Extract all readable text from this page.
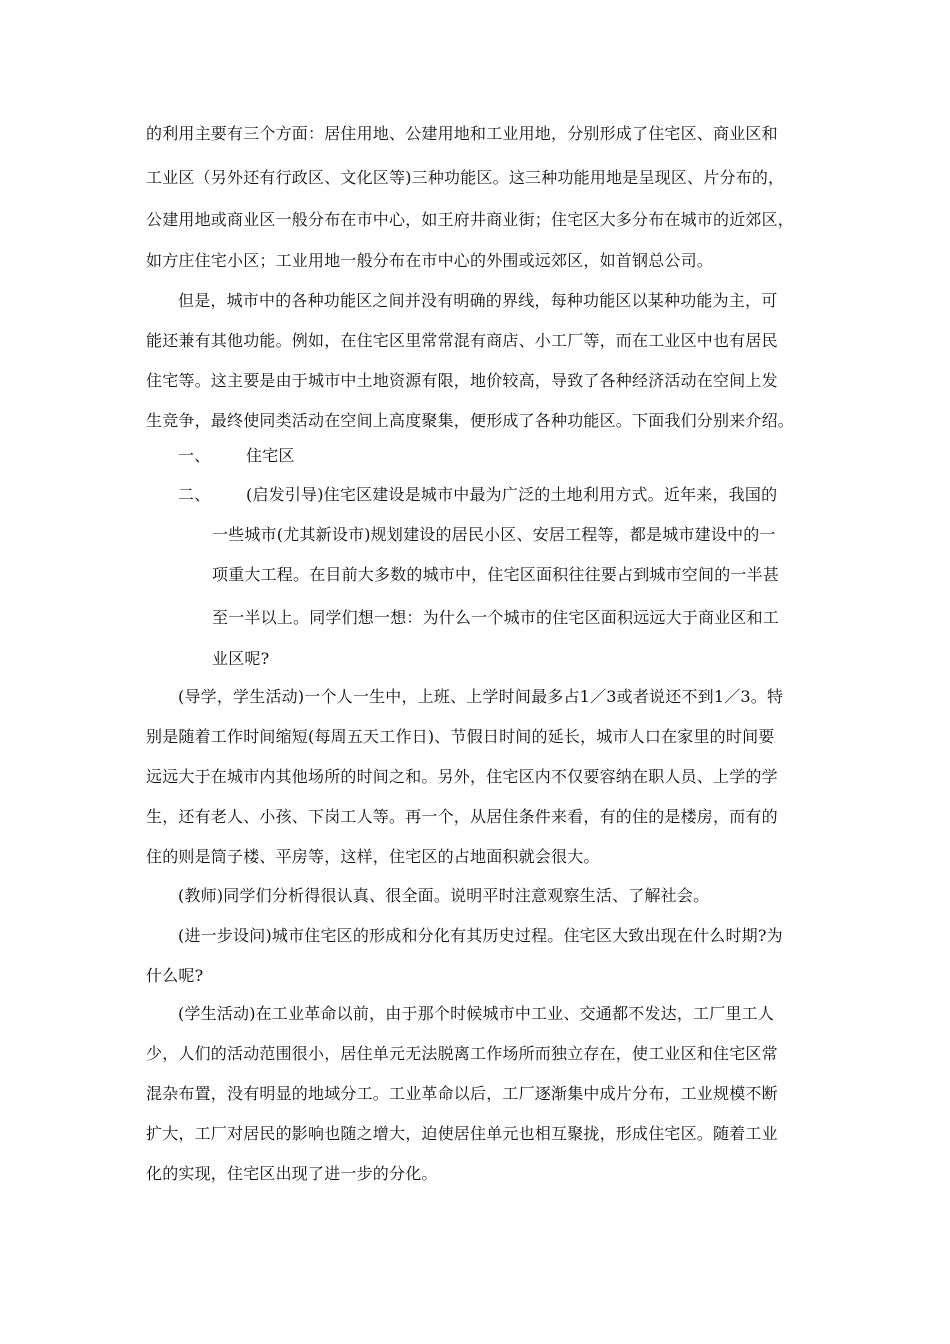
的利用主要有三个方面：居住用地、公建用地和工业用地，分别形成了住宅区、商业区和
工业区（另外还有行政区、文化区等)三种功能区。这三种功能用地是呈现区、片分布的，
公建用地或商业区一般分布在市中心，如王府井商业街；住宅区大多分布在城市的近郊区，
如方庄住宅小区；工业用地一般分布在市中心的外围或远郊区，如首钢总公司。
但是，城市中的各种功能区之间并没有明确的界线，每种功能区以某种功能为主，可
能还兼有其他功能。例如，在住宅区里常常混有商店、小工厂等，而在工业区中也有居民
住宅等。这主要是由于城市中土地资源有限，地价较高，导致了各种经济活动在空间上发
生竞争，最终使同类活动在空间上高度聚集，便形成了各种功能区。下面我们分别来介绍。
一、 住宅区
二、 (启发引导)住宅区建设是城市中最为广泛的土地利用方式。近年来，我国的
一些城市(尤其新设市)规划建设的居民小区、安居工程等，都是城市建设中的一
项重大工程。在目前大多数的城市中，住宅区面积往往要占到城市空间的一半甚
至一半以上。同学们想一想：为什么一个城市的住宅区面积远远大于商业区和工
业区呢?
(导学，学生活动)一个人一生中，上班、上学时间最多占1／3或者说还不到1／3。特
别是随着工作时间缩短(每周五天工作日)、节假日时间的延长，城市人口在家里的时间要
远远大于在城市内其他场所的时间之和。另外，住宅区内不仅要容纳在职人员、上学的学
生，还有老人、小孩、下岗工人等。再一个，从居住条件来看，有的住的是楼房，而有的
住的则是筒子楼、平房等，这样，住宅区的占地面积就会很大。
(教师)同学们分析得很认真、很全面。说明平时注意观察生活、了解社会。
(进一步设问)城市住宅区的形成和分化有其历史过程。住宅区大致出现在什么时期?为
什么呢?
(学生活动)在工业革命以前，由于那个时候城市中工业、交通都不发达，工厂里工人
少，人们的活动范围很小，居住单元无法脱离工作场所而独立存在，使工业区和住宅区常
混杂布置，没有明显的地域分工。工业革命以后，工厂逐渐集中成片分布，工业规模不断
扩大，工厂对居民的影响也随之增大，迫使居住单元也相互聚拢，形成住宅区。随着工业
化的实现，住宅区出现了进一步的分化。
